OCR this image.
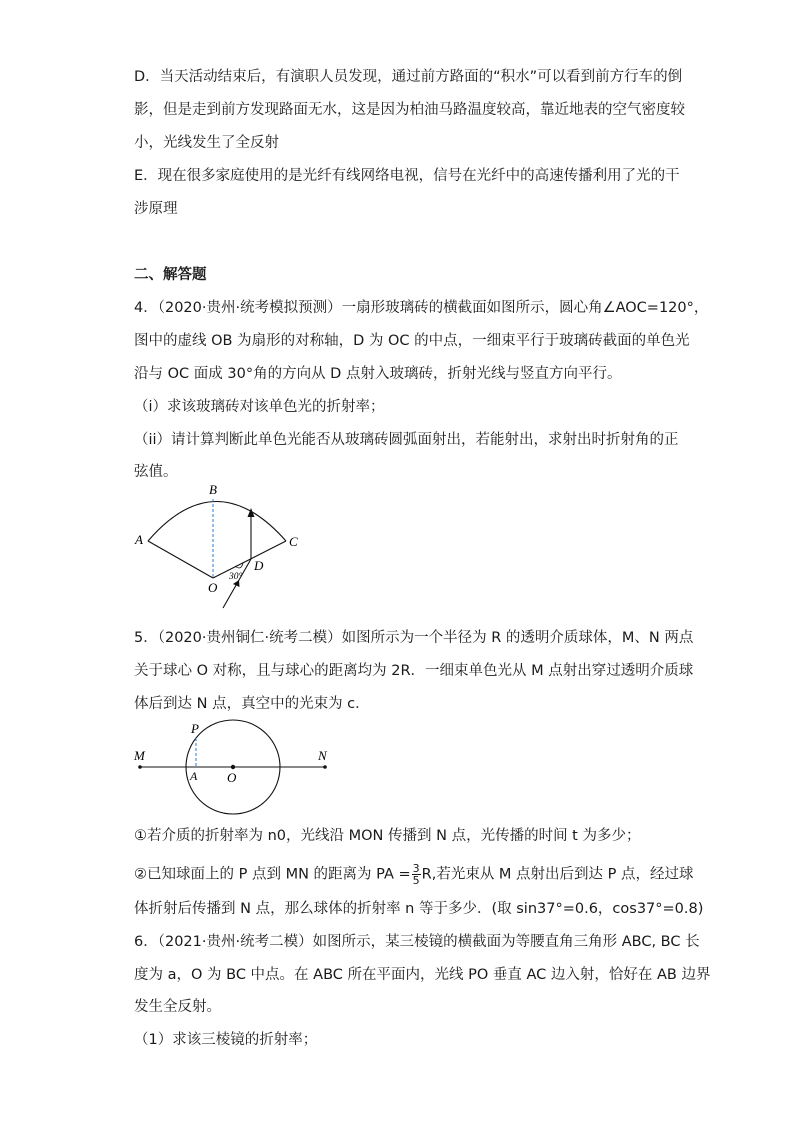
D．当天活动结束后，有演职人员发现，通过前方路面的“积水”可以看到前方行车的倒
影，但是走到前方发现路面无水，这是因为柏油马路温度较高，靠近地表的空气密度较
小，光线发生了全反射
E．现在很多家庭使用的是光纤有线网络电视，信号在光纤中的高速传播利用了光的干
涉原理
二、解答题
4．（2020·贵州·统考模拟预测）一扇形玻璃砖的横截面如图所示，圆心角∠AOC=120°，
图中的虚线 OB 为扇形的对称轴，D 为 OC 的中点，一细束平行于玻璃砖截面的单色光
沿与 OC 面成 30°角的方向从 D 点射入玻璃砖，折射光线与竖直方向平行。
（i）求该玻璃砖对该单色光的折射率；
（ii）请计算判断此单色光能否从玻璃砖圆弧面射出，若能射出，求射出时折射角的正
弦值。
A
B
C
D
O
30°
M	N
P
A O
5．（2020·贵州铜仁·统考二模）如图所示为一个半径为 R 的透明介质球体，M、N 两点
关于球心 O 对称，且与球心的距离均为 2R．一细束单色光从 M 点射出穿过透明介质球
体后到达 N 点，真空中的光束为 c．
①若介质的折射率为 n0，光线沿 MON 传播到 N 点，光传播的时间 t 为多少；
②已知球面上的 P 点到 MN 的距离为 PA = $\frac{3}{5} R$,若光束从 M 点射出后到达 P 点，经过球
体折射后传播到 N 点，那么球体的折射率 n 等于多少．(取 sin37°=0.6，cos37°=0.8)
6．（2021·贵州·统考二模）如图所示，某三棱镜的横截面为等腰直角三角形 ABC, BC 长
度为 a，O 为 BC 中点。在 ABC 所在平面内，光线 PO 垂直 AC 边入射，恰好在 AB 边界
发生全反射。
（1）求该三棱镜的折射率；
